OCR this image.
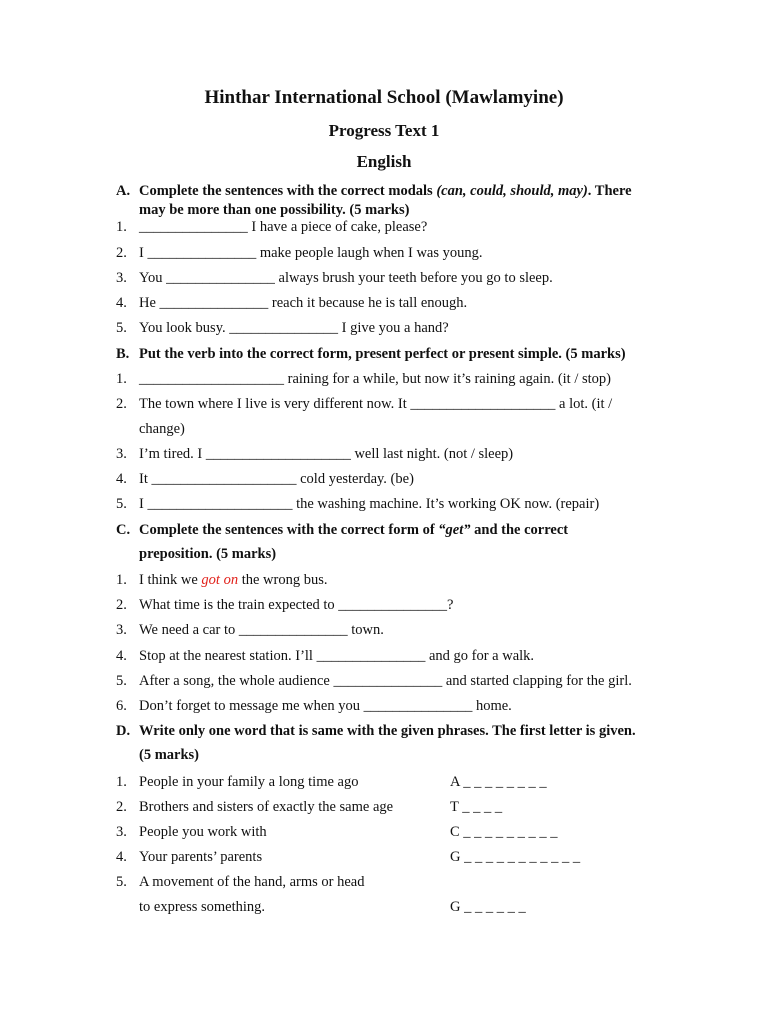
Hinthar International School (Mawlamyine)
Progress Text 1
English
A. Complete the sentences with the correct modals (can, could, should, may). There
may be more than one possibility. (5 marks)
1. _______________ I have a piece of cake, please?
2. I _______________ make people laugh when I was young.
3. You _______________ always brush your teeth before you go to sleep.
4. He _______________ reach it because he is tall enough.
5. You look busy. _______________ I give you a hand?
B. Put the verb into the correct form, present perfect or present simple. (5 marks)
1. ____________________ raining for a while, but now it’s raining again. (it / stop)
2. The town where I live is very different now. It ____________________ a lot. (it /
change)
3. I’m tired. I ____________________ well last night. (not / sleep)
4. It ____________________ cold yesterday. (be)
5. I ____________________ the washing machine. It’s working OK now. (repair)
C. Complete the sentences with the correct form of “get” and the correct
preposition. (5 marks)
1. I think we got on the wrong bus.
2. What time is the train expected to _______________?
3. We need a car to _______________ town.
4. Stop at the nearest station. I’ll _______________ and go for a walk.
5. After a song, the whole audience _______________ and started clapping for the girl.
6. Don’t forget to message me when you _______________ home.
D. Write only one word that is same with the given phrases. The first letter is given.
(5 marks)
1. People in your family a long time ago	A _ _ _ _ _ _ _ _
2. Brothers and sisters of exactly the same age	T _ _ _ _
3. People you work with	C _ _ _ _ _ _ _ _ _
4. Your parents’ parents	G _ _ _ _ _ _ _ _ _ _ _
5. A movement of the hand, arms or head
to express something.	G _ _ _ _ _ _
